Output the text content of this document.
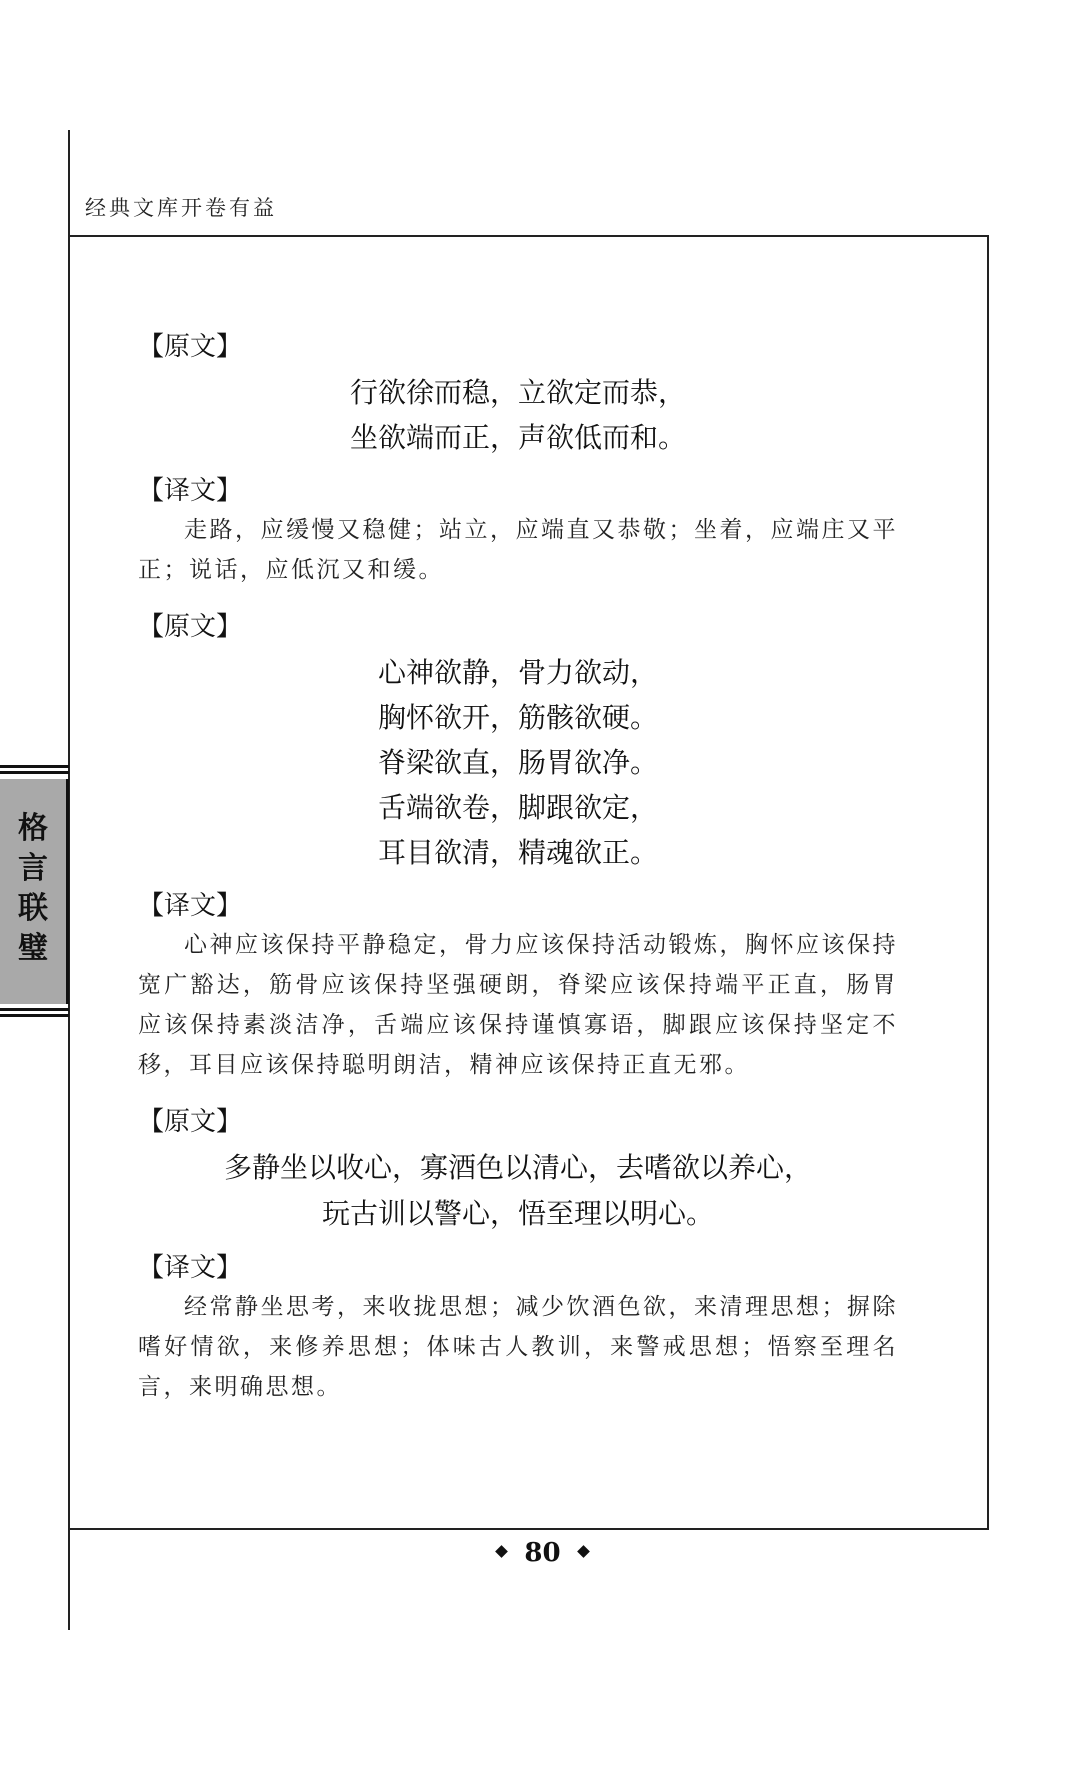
经典文库开卷有益
格
言
联
璧
【原文】
行欲徐而稳，立欲定而恭，
坐欲端而正，声欲低而和。
【译文】

走路，应缓慢又稳健；站立，应端直又恭敬；坐着，应端庄又平正；说话，应低沉又和缓。

【原文】
心神欲静，骨力欲动，
胸怀欲开，筋骸欲硬。
脊梁欲直，肠胃欲净。
舌端欲卷，脚跟欲定，
耳目欲清，精魂欲正。
【译文】

心神应该保持平静稳定，骨力应该保持活动锻炼，胸怀应该保持宽广豁达，筋骨应该保持坚强硬朗，脊梁应该保持端平正直，肠胃应该保持素淡洁净，舌端应该保持谨慎寡语，脚跟应该保持坚定不移，耳目应该保持聪明朗洁，精神应该保持正直无邪。

【原文】
多静坐以收心，寡酒色以清心，去嗜欲以养心，
玩古训以警心，悟至理以明心。
【译文】

经常静坐思考，来收拢思想；减少饮酒色欲，来清理思想；摒除嗜好情欲，来修养思想；体味古人教训，来警戒思想；悟察至理名言，来明确思想。

80
